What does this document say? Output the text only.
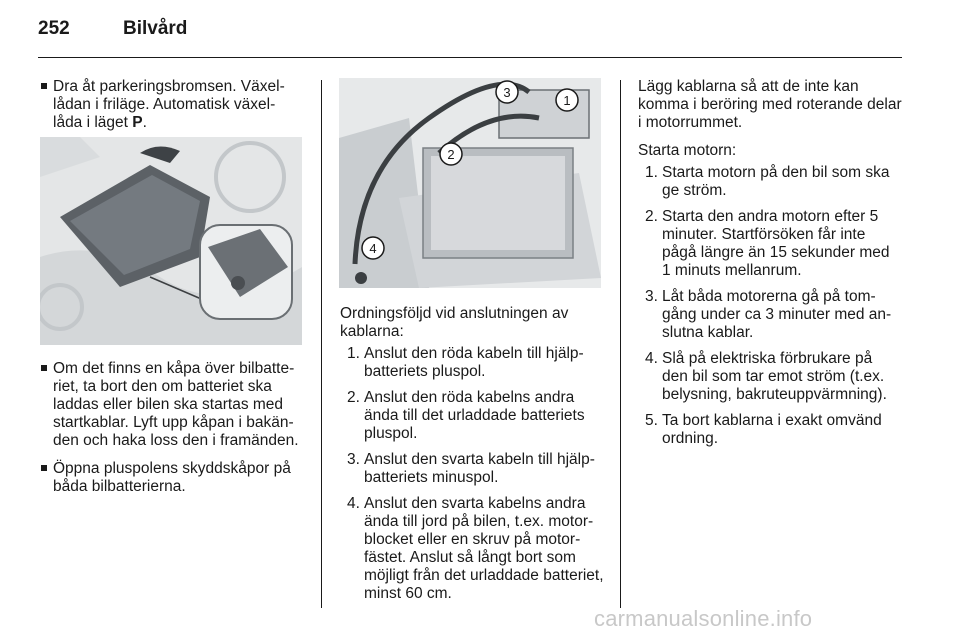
252	Bilvård
Dra åt parkeringsbromsen. Växel-lådan i friläge. Automatisk växel-låda i läget P.
Om det finns en kåpa över bilbatte-riet, ta bort den om batteriet ska laddas eller bilen ska startas med startkablar. Lyft upp kåpan i bakän-den och haka loss den i framänden.
Öppna pluspolens skyddskåpor på båda bilbatterierna.
1
2
3
4

Ordningsföljd vid anslutningen av kablarna:

1. Anslut den röda kabeln till hjälp-batteriets pluspol.
2. Anslut den röda kabelns andra ända till det urladdade batteriets pluspol.
3. Anslut den svarta kabeln till hjälp-batteriets minuspol.
4. Anslut den svarta kabelns andra ända till jord på bilen, t.ex. motor-blocket eller en skruv på motor-fästet. Anslut så långt bort som möjligt från det urladdade batteriet, minst 60 cm.

Lägg kablarna så att de inte kan komma i beröring med roterande delar i motorrummet.

Starta motorn:

1. Starta motorn på den bil som ska ge ström.
2. Starta den andra motorn efter 5 minuter. Startförsöken får inte pågå längre än 15 sekunder med 1 minuts mellanrum.
3. Låt båda motorerna gå på tom-gång under ca 3 minuter med an-slutna kablar.
4. Slå på elektriska förbrukare på den bil som tar emot ström (t.ex. belysning, bakruteuppvärmning).
5. Ta bort kablarna i exakt omvänd ordning.
carmanualsonline.info
